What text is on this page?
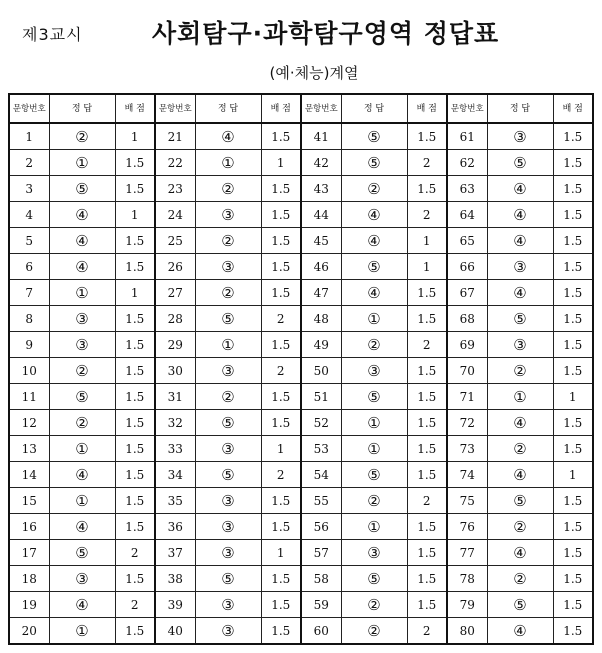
제3교시	사회탐구·과학탐구영역 정답표
(예·체능)계열
문항번호	정 답	배 점	문항번호	정 답	배 점	문항번호	정 답	배 점	문항번호	정 답	배 점
1	②	1	21	④	1.5	41	⑤	1.5	61	③	1.5
2	①	1.5	22	①	1	42	⑤	2	62	⑤	1.5
3	⑤	1.5	23	②	1.5	43	②	1.5	63	④	1.5
4	④	1	24	③	1.5	44	④	2	64	④	1.5
5	④	1.5	25	②	1.5	45	④	1	65	④	1.5
6	④	1.5	26	③	1.5	46	⑤	1	66	③	1.5
7	①	1	27	②	1.5	47	④	1.5	67	④	1.5
8	③	1.5	28	⑤	2	48	①	1.5	68	⑤	1.5
9	③	1.5	29	①	1.5	49	②	2	69	③	1.5
10	②	1.5	30	③	2	50	③	1.5	70	②	1.5
11	⑤	1.5	31	②	1.5	51	⑤	1.5	71	①	1
12	②	1.5	32	⑤	1.5	52	①	1.5	72	④	1.5
13	①	1.5	33	③	1	53	①	1.5	73	②	1.5
14	④	1.5	34	⑤	2	54	⑤	1.5	74	④	1
15	①	1.5	35	③	1.5	55	②	2	75	⑤	1.5
16	④	1.5	36	③	1.5	56	①	1.5	76	②	1.5
17	⑤	2	37	③	1	57	③	1.5	77	④	1.5
18	③	1.5	38	⑤	1.5	58	⑤	1.5	78	②	1.5
19	④	2	39	③	1.5	59	②	1.5	79	⑤	1.5
20	①	1.5	40	③	1.5	60	②	2	80	④	1.5
